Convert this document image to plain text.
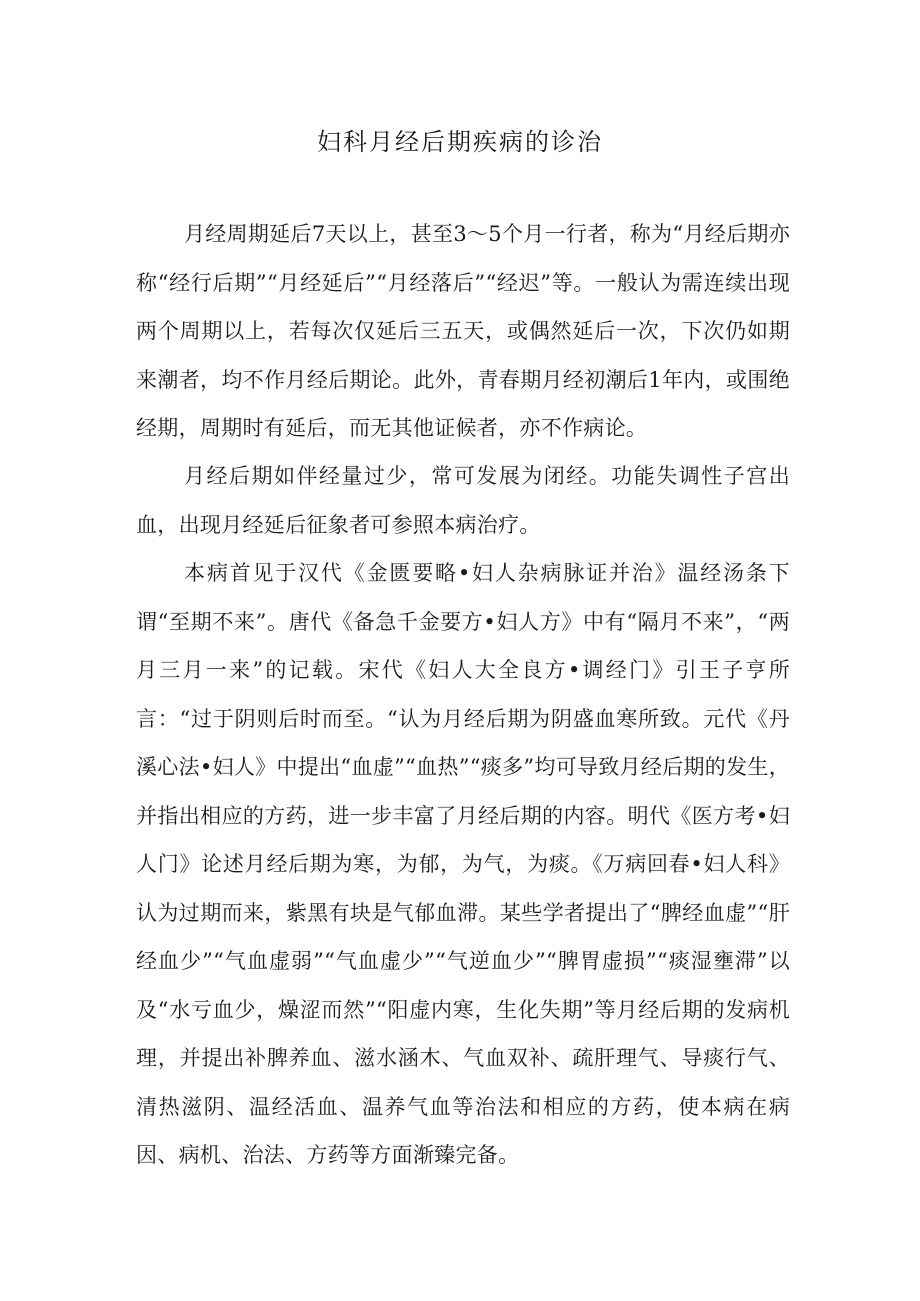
妇科月经后期疾病的诊治

月经周期延后7天以上，甚至3～5个月一行者，称为“月经后期亦称“经行后期”“月经延后”“月经落后”“经迟”等。一般认为需连续出现两个周期以上，若每次仅延后三五天，或偶然延后一次，下次仍如期来潮者，均不作月经后期论。此外，青春期月经初潮后1年内，或围绝经期，周期时有延后，而无其他证候者，亦不作病论。

月经后期如伴经量过少，常可发展为闭经。功能失调性子宫出血，出现月经延后征象者可参照本病治疗。

本病首见于汉代《金匮要略•妇人杂病脉证并治》温经汤条下谓“至期不来”。唐代《备急千金要方•妇人方》中有“隔月不来”，“两月三月一来”的记载。宋代《妇人大全良方•调经门》引王子亨所言：“过于阴则后时而至。“认为月经后期为阴盛血寒所致。元代《丹溪心法•妇人》中提出“血虚”“血热”“痰多”均可导致月经后期的发生，并指出相应的方药，进一步丰富了月经后期的内容。明代《医方考•妇人门》论述月经后期为寒，为郁，为气，为痰。《万病回春•妇人科》认为过期而来，紫黑有块是气郁血滞。某些学者提出了“脾经血虚”“肝经血少”“气血虚弱”“气血虚少”“气逆血少”“脾胃虚损”“痰湿壅滞”以及“水亏血少，燥涩而然”“阳虚内寒，生化失期”等月经后期的发病机理，并提出补脾养血、滋水涵木、气血双补、疏肝理气、导痰行气、清热滋阴、温经活血、温养气血等治法和相应的方药，使本病在病因、病机、治法、方药等方面渐臻完备。
